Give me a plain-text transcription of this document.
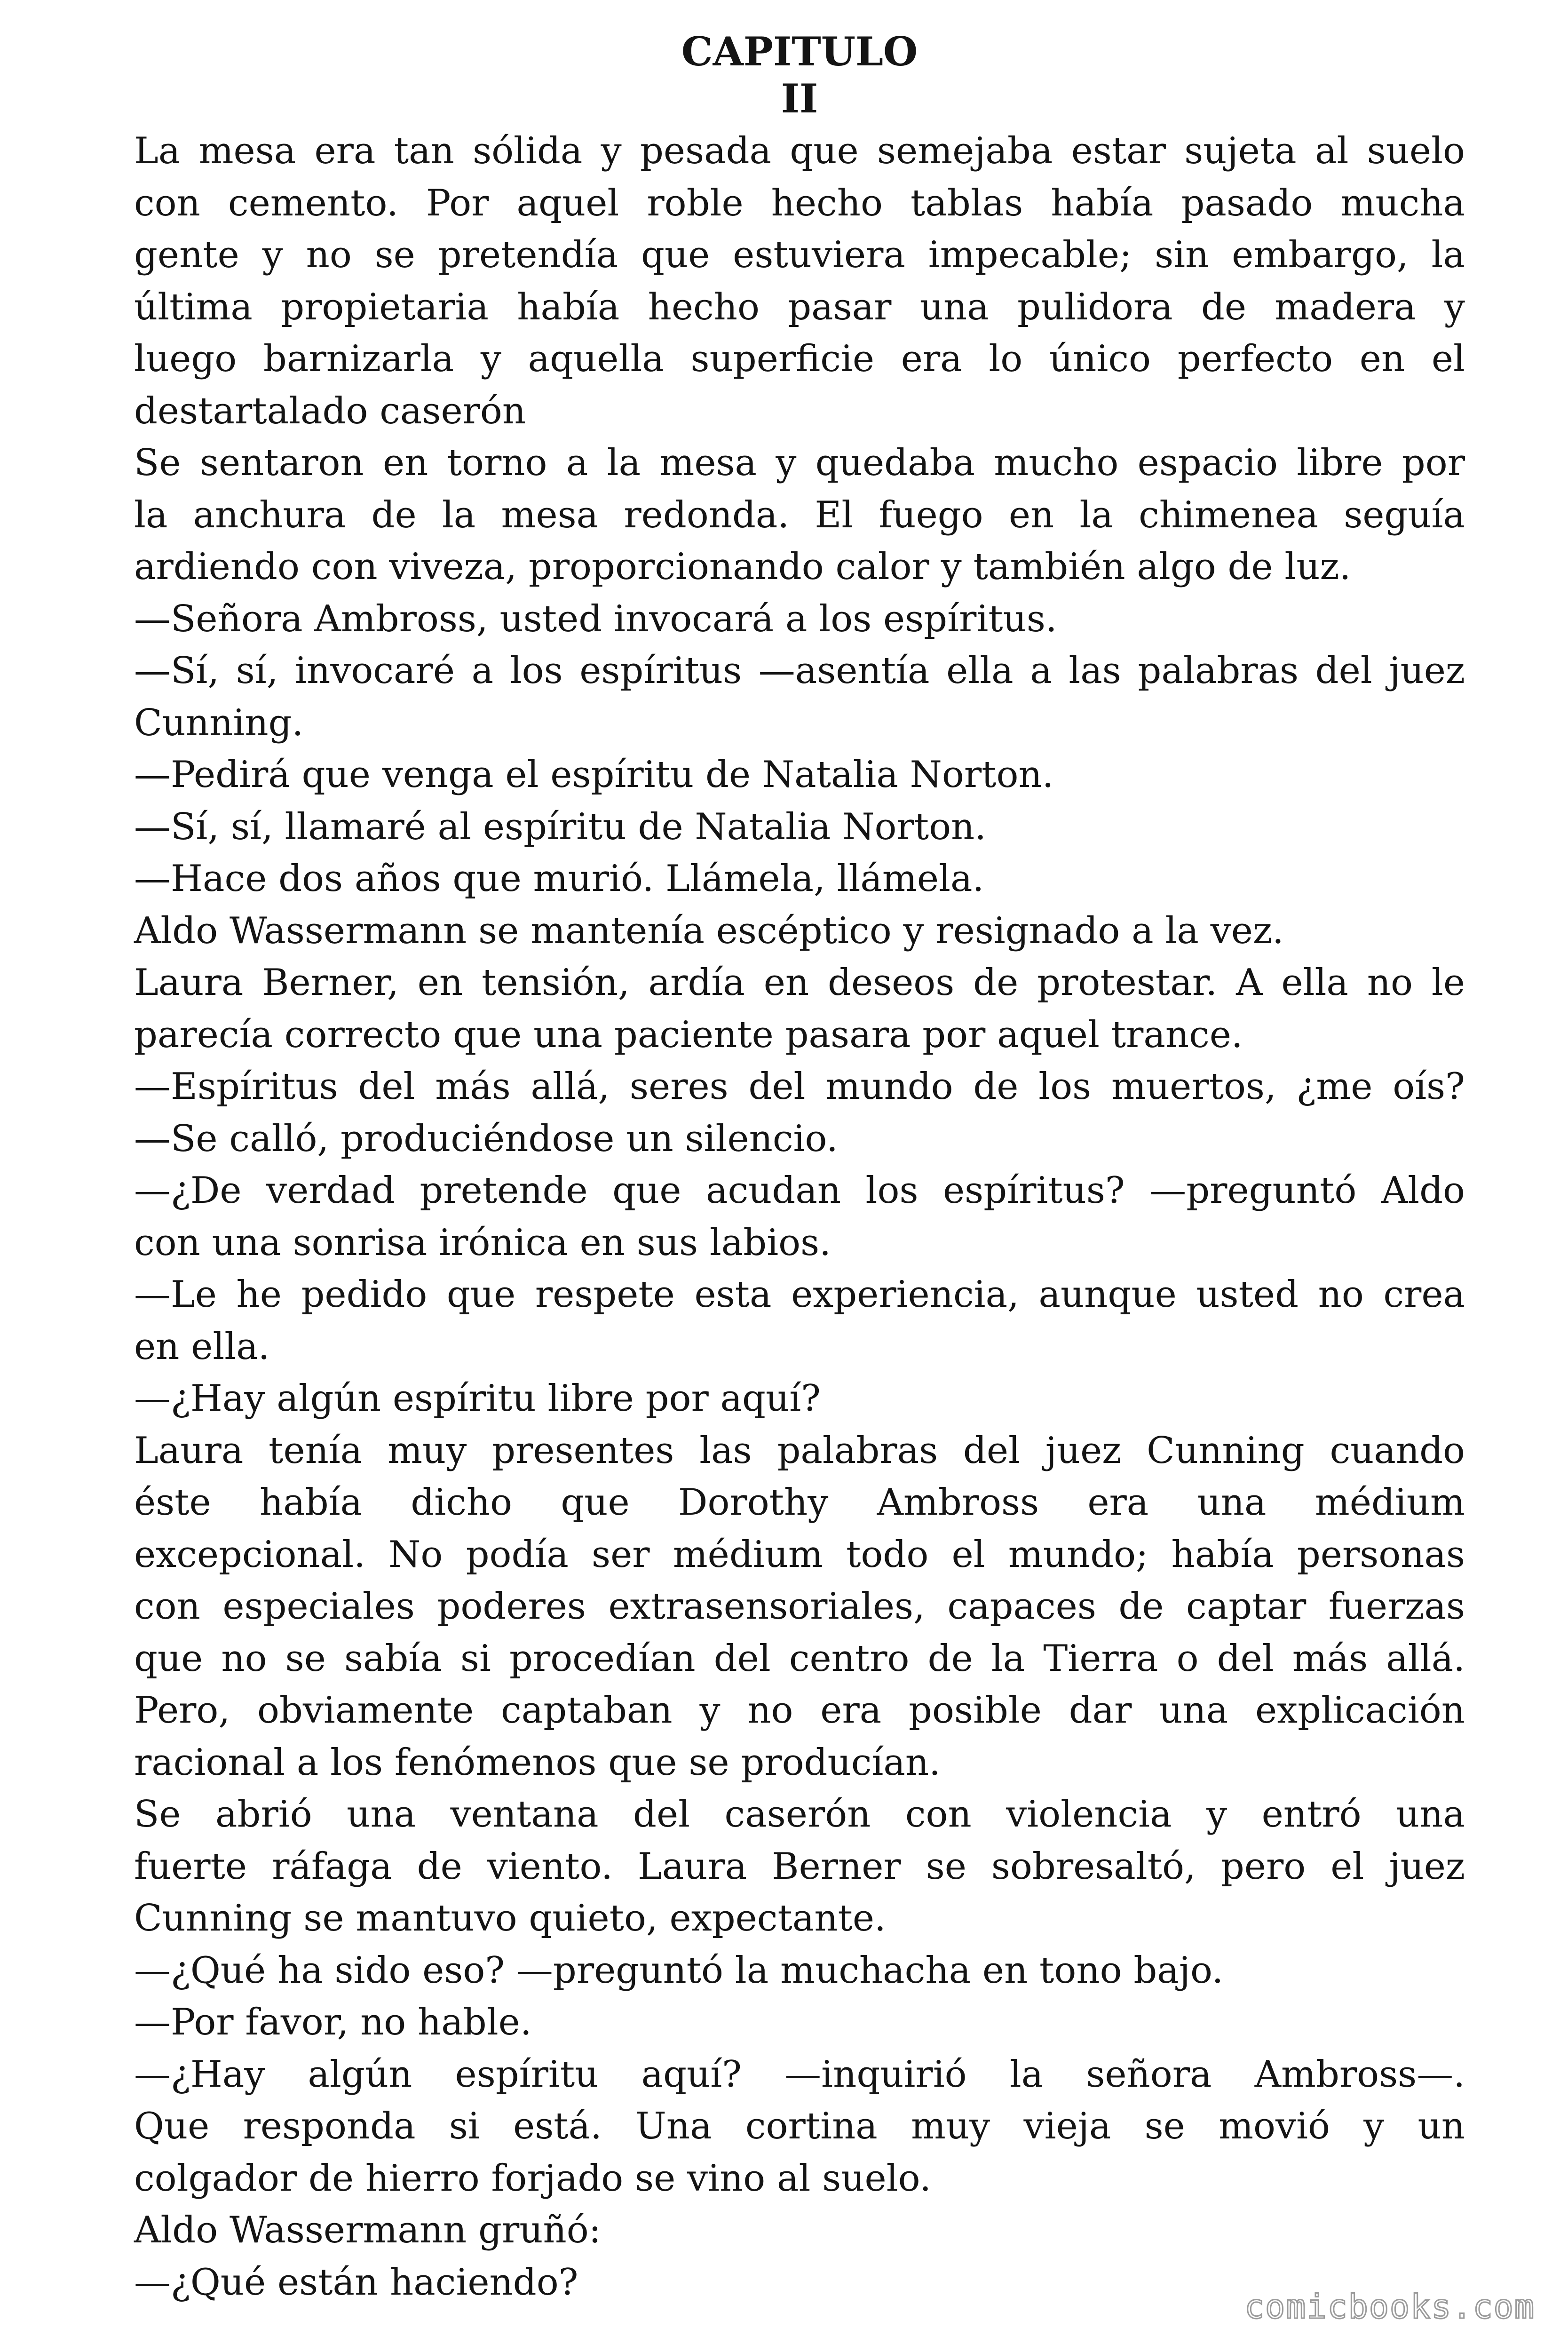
CAPITULO
II

La mesa era tan sólida y pesada que semejaba estar sujeta al suelo
con cemento. Por aquel roble hecho tablas había pasado mucha
gente y no se pretendía que estuviera impecable; sin embargo, la
última propietaria había hecho pasar una pulidora de madera y
luego barnizarla y aquella superficie era lo único perfecto en el
destartalado caserón

Se sentaron en torno a la mesa y quedaba mucho espacio libre por
la anchura de la mesa redonda. El fuego en la chimenea seguía
ardiendo con viveza, proporcionando calor y también algo de luz.

—Señora Ambross, usted invocará a los espíritus.

—Sí, sí, invocaré a los espíritus —asentía ella a las palabras del juez
Cunning.

—Pedirá que venga el espíritu de Natalia Norton.

—Sí, sí, llamaré al espíritu de Natalia Norton.

—Hace dos años que murió. Llámela, llámela.

Aldo Wassermann se mantenía escéptico y resignado a la vez.

Laura Berner, en tensión, ardía en deseos de protestar. A ella no le
parecía correcto que una paciente pasara por aquel trance.

—Espíritus del más allá, seres del mundo de los muertos, ¿me oís?
—Se calló, produciéndose un silencio.

—¿De verdad pretende que acudan los espíritus? —preguntó Aldo
con una sonrisa irónica en sus labios.

—Le he pedido que respete esta experiencia, aunque usted no crea
en ella.

—¿Hay algún espíritu libre por aquí?

Laura tenía muy presentes las palabras del juez Cunning cuando
éste había dicho que Dorothy Ambross era una médium
excepcional. No podía ser médium todo el mundo; había personas
con especiales poderes extrasensoriales, capaces de captar fuerzas
que no se sabía si procedían del centro de la Tierra o del más allá.
Pero, obviamente captaban y no era posible dar una explicación
racional a los fenómenos que se producían.

Se abrió una ventana del caserón con violencia y entró una
fuerte ráfaga de viento. Laura Berner se sobresaltó, pero el juez
Cunning se mantuvo quieto, expectante.

—¿Qué ha sido eso? —preguntó la muchacha en tono bajo.

—Por favor, no hable.

—¿Hay algún espíritu aquí? —inquirió la señora Ambross—.
Que responda si está. Una cortina muy vieja se movió y un
colgador de hierro forjado se vino al suelo.

Aldo Wassermann gruñó:

—¿Qué están haciendo?

comicbooks.com
